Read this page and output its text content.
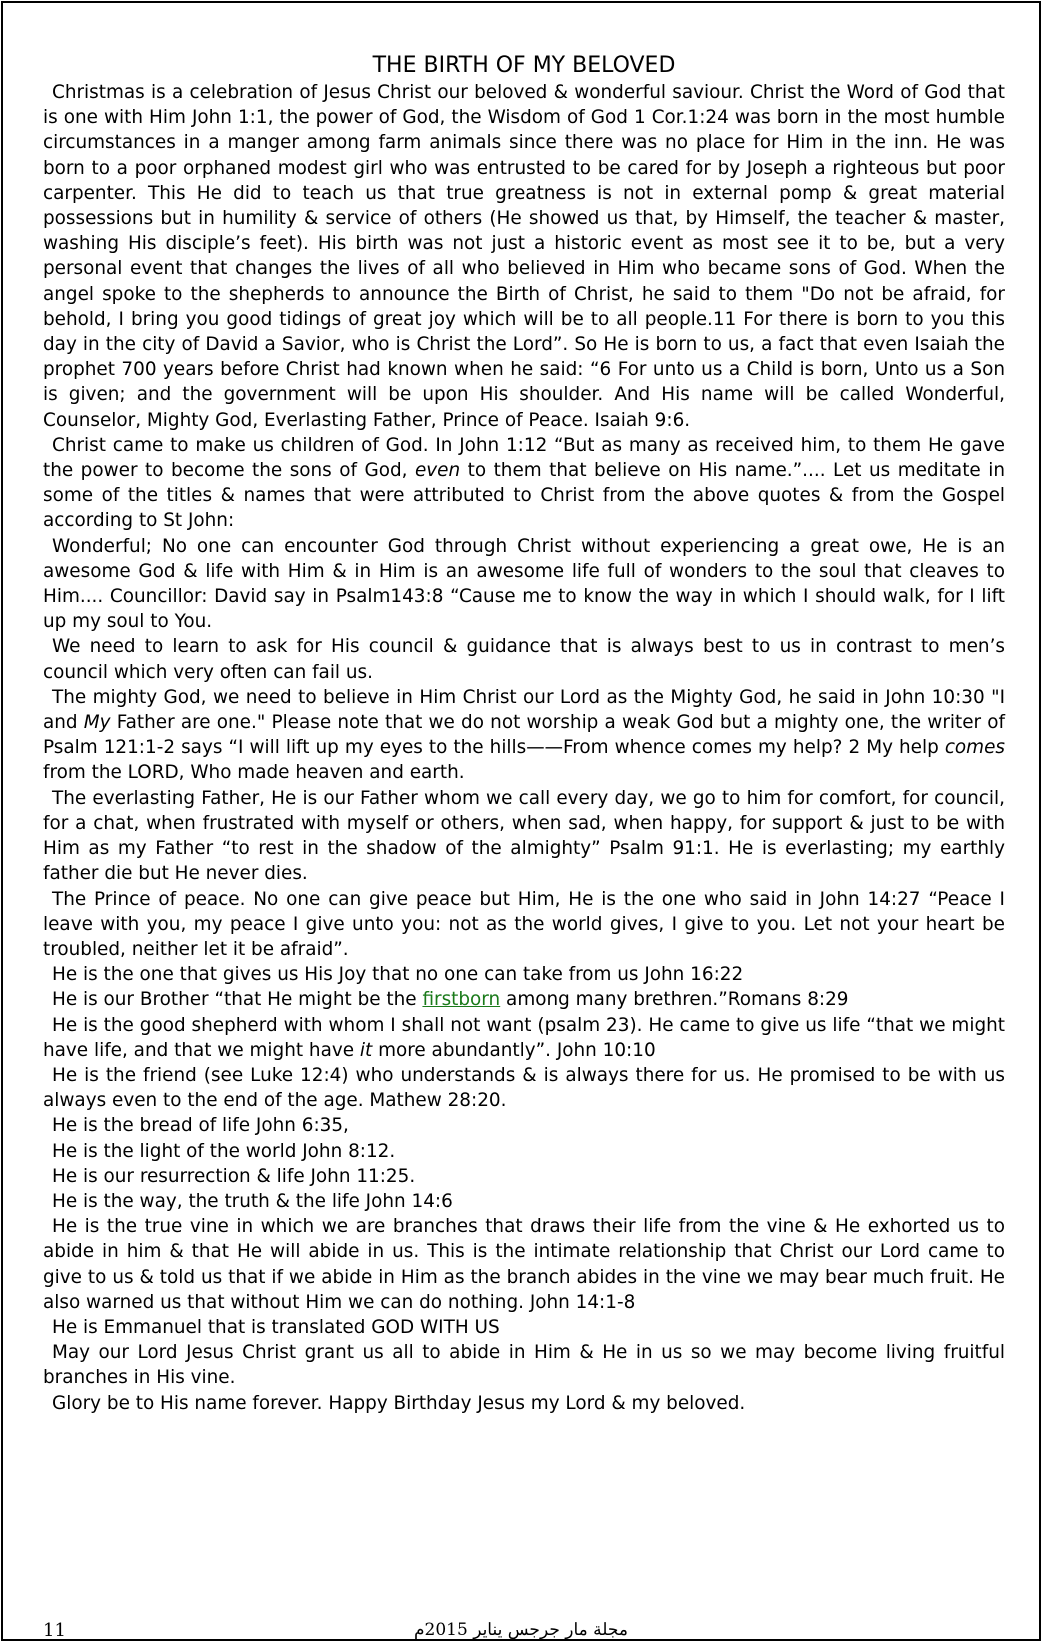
THE BIRTH OF MY BELOVED

Christmas is a celebration of Jesus Christ our beloved & wonderful saviour. Christ the Word of God that is one with Him John 1:1, the power of God, the Wisdom of God 1 Cor.1:24 was born in the most humble circumstances in a manger among farm animals since there was no place for Him in the inn. He was born to a poor orphaned modest girl who was entrusted to be cared for by Joseph a righteous but poor carpenter. This He did to teach us that true greatness is not in external pomp & great material possessions but in humility & service of others (He showed us that, by Himself, the teacher & master, washing His disciple’s feet). His birth was not just a historic event as most see it to be, but a very personal event that changes the lives of all who believed in Him who became sons of God. When the angel spoke to the shepherds to announce the Birth of Christ, he said to them "Do not be afraid, for behold, I bring you good tidings of great joy which will be to all people.11 For there is born to you this day in the city of David a Savior, who is Christ the Lord”. So He is born to us, a fact that even Isaiah the prophet 700 years before Christ had known when he said: “6 For unto us a Child is born, Unto us a Son is given; and the government will be upon His shoulder. And His name will be called Wonderful, Counselor, Mighty God, Everlasting Father, Prince of Peace. Isaiah 9:6.

Christ came to make us children of God. In John 1:12 “But as many as received him, to them He gave the power to become the sons of God, even to them that believe on His name.”.... Let us meditate in some of the titles & names that were attributed to Christ from the above quotes & from the Gospel according to St John:

Wonderful; No one can encounter God through Christ without experiencing a great owe, He is an awesome God & life with Him & in Him is an awesome life full of wonders to the soul that cleaves to Him.... Councillor: David say in Psalm143:8 “Cause me to know the way in which I should walk, for I lift up my soul to You.

We need to learn to ask for His council & guidance that is always best to us in contrast to men’s council which very often can fail us.

The mighty God, we need to believe in Him Christ our Lord as the Mighty God, he said in John 10:30 "I and My Father are one." Please note that we do not worship a weak God but a mighty one, the writer of Psalm 121:1-2 says “I will lift up my eyes to the hills——From whence comes my help? 2 My help comes from the LORD, Who made heaven and earth.

The everlasting Father, He is our Father whom we call every day, we go to him for comfort, for council, for a chat, when frustrated with myself or others, when sad, when happy, for support & just to be with Him as my Father “to rest in the shadow of the almighty” Psalm 91:1. He is everlasting; my earthly father die but He never dies.

The Prince of peace. No one can give peace but Him, He is the one who said in John 14:27 “Peace I leave with you, my peace I give unto you: not as the world gives, I give to you. Let not your heart be troubled, neither let it be afraid”.

He is the one that gives us His Joy that no one can take from us John 16:22

He is our Brother “that He might be the firstborn among many brethren.”Romans 8:29

He is the good shepherd with whom I shall not want (psalm 23). He came to give us life “that we might have life, and that we might have it more abundantly”. John 10:10

He is the friend (see Luke 12:4) who understands & is always there for us. He promised to be with us always even to the end of the age. Mathew 28:20.

He is the bread of life John 6:35,

He is the light of the world John 8:12.

He is our resurrection & life John 11:25.

He is the way, the truth & the life John 14:6

He is the true vine in which we are branches that draws their life from the vine & He exhorted us to abide in him & that He will abide in us. This is the intimate relationship that Christ our Lord came to give to us & told us that if we abide in Him as the branch abides in the vine we may bear much fruit. He also warned us that without Him we can do nothing. John 14:1-8

He is Emmanuel that is translated GOD WITH US

May our Lord Jesus Christ grant us all to abide in Him & He in us so we may become living fruitful branches in His vine.

Glory be to His name forever. Happy Birthday Jesus my Lord & my beloved.

11	مجلة مار جرجس يناير 2015م
